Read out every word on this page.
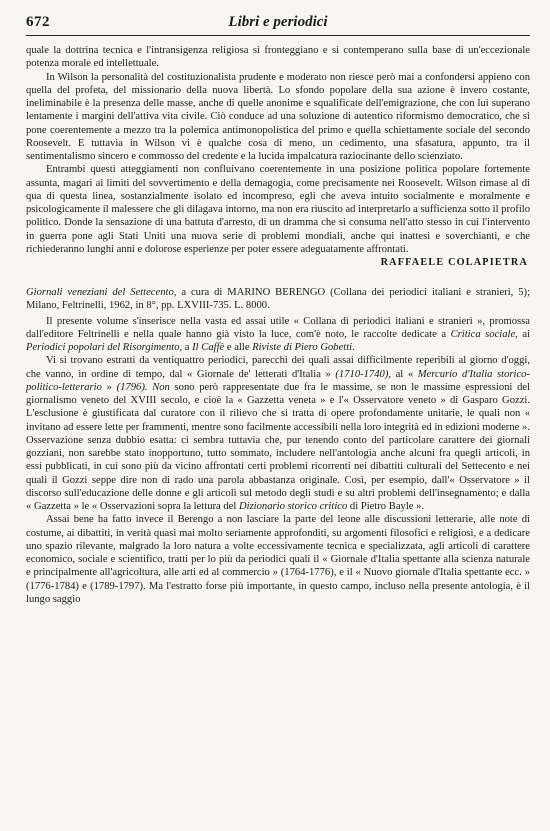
672	Libri e periodici

quale la dottrina tecnica e l'intransigenza religiosa si fronteggiano e si contemperano sulla base di un'eccezionale potenza morale ed intellettuale.

In Wilson la personalità del costituzionalista prudente e moderato non riesce però mai a confondersi appieno con quella del profeta, del missionario della nuova libertà. Lo sfondo popolare della sua azione è invero costante, ineliminabile è la presenza delle masse, anche di quelle anonime e squalificate dell'emigrazione, che con lui superano lentamente i margini dell'attiva vita civile. Ciò conduce ad una soluzione di autentico riformismo democratico, che si pone coerentemente a mezzo tra la polemica antimonopolistica del primo e quella schiettamente sociale del secondo Roosevelt. E tuttavia in Wilson vi è qualche cosa di meno, un cedimento, una sfasatura, appunto, tra il sentimentalismo sincero e commosso del credente e la lucida impalcatura raziocinante dello scienziato.

Entrambi questi atteggiamenti non confluivano coerentemente in una posizione politica popolare fortemente assunta, magari ai limiti del sovvertimento e della demagogia, come precisamente nei Roosevelt. Wilson rimase al di qua di questa linea, sostanzialmente isolato ed incompreso, egli che aveva intuito socialmente e moralmente e psicologicamente il malessere che gli dilagava intorno, ma non era riuscito ad interpretarlo a sufficienza sotto il profilo politico. Donde la sensazione di una battuta d'arresto, di un dramma che si consuma nell'atto stesso in cui l'intervento in guerra pone agli Stati Uniti una nuova serie di problemi mondiali, anche qui inattesi e soverchianti, e che richiederanno lunghi anni e dolorose esperienze per poter essere adeguatamente affrontati.

RAFFAELE COLAPIETRA

Giornali veneziani del Settecento, a cura di MARINO BERENGO (Collana dei periodici italiani e stranieri, 5); Milano, Feltrinelli, 1962, in 8°, pp. LXVIII-735. L. 8000.

Il presente volume s'inserisce nella vasta ed assai utile « Collana di periodici italiani e stranieri », promossa dall'editore Feltrinelli e nella quale hanno già visto la luce, com'è noto, le raccolte dedicate a Critica sociale, ai Periodici popolari del Risorgimento, a Il Caffè e alle Riviste di Piero Gobetti.

Vi si trovano estratti da ventiquattro periodici, parecchi dei quali assai difficilmente reperibili al giorno d'oggi, che vanno, in ordine di tempo, dal « Giornale de' letterati d'Italia » (1710-1740), al « Mercurio d'Italia storico-politico-letterario » (1796). Non sono però rappresentate due fra le massime, se non le massime espressioni del giornalismo veneto del XVIII secolo, e cioè la « Gazzetta veneta » e l'« Osservatore veneto » di Gasparo Gozzi. L'esclusione è giustificata dal curatore con il rilievo che si tratta di opere profondamente unitarie, le quali non « invitano ad essere lette per frammenti, mentre sono facilmente accessibili nella loro integrità ed in edizioni moderne ». Osservazione senza dubbio esatta: ci sembra tuttavia che, pur tenendo conto del particolare carattere dei giornali gozziani, non sarebbe stato inopportuno, tutto sommato, includere nell'antologia anche alcuni fra quegli articoli, in essi pubblicati, in cui sono più da vicino affrontati certi problemi ricorrenti nei dibattiti culturali del Settecento e nei quali il Gozzi seppe dire non di rado una parola abbastanza originale. Così, per esempio, dall'« Osservatore » il discorso sull'educazione delle donne e gli articoli sul metodo degli studi e su altri problemi dell'insegnamento; e dalla « Gazzetta » le « Osservazioni sopra la lettura del Dizionario storico critico di Pietro Bayle ».

Assai bene ha fatto invece il Berengo a non lasciare la parte del leone alle discussioni letterarie, alle note di costume, ai dibattiti, in verità quasi mai molto seriamente approfonditi, su argomenti filosofici e religiosi, e a dedicare uno spazio rilevante, malgrado la loro natura a volte eccessivamente tecnica e specializzata, agli articoli di carattere economico, sociale e scientifico, tratti per lo più da periodici quali il « Giornale d'Italia spettante alla scienza naturale e principalmente all'agricoltura, alle arti ed al commercio » (1764-1776), e il « Nuovo giornale d'Italia spettante ecc. » (1776-1784) e (1789-1797). Ma l'estratto forse più importante, in questo campo, incluso nella presente antologia, è il lungo saggio
